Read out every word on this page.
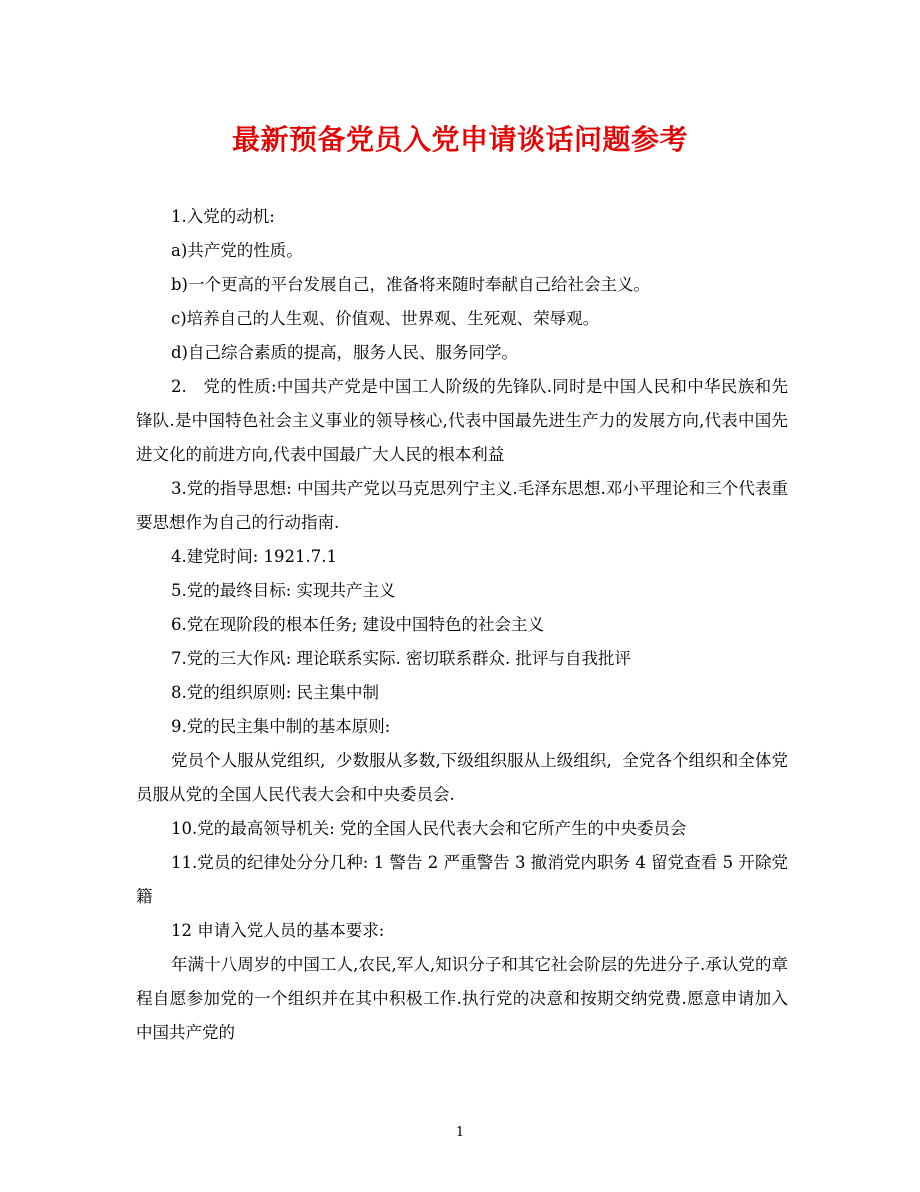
最新预备党员入党申请谈话问题参考

1.入党的动机:

a)共产党的性质。

b)一个更高的平台发展自己，准备将来随时奉献自己给社会主义。

c)培养自己的人生观、价值观、世界观、生死观、荣辱观。

d)自己综合素质的提高，服务人民、服务同学。

2.   党的性质:中国共产党是中国工人阶级的先锋队.同时是中国人民和中华民族和先锋队.是中国特色社会主义事业的领导核心,代表中国最先进生产力的发展方向,代表中国先进文化的前进方向,代表中国最广大人民的根本利益

3.党的指导思想: 中国共产党以马克思列宁主义.毛泽东思想.邓小平理论和三个代表重要思想作为自己的行动指南.

4.建党时间: 1921.7.1

5.党的最终目标: 实现共产主义

6.党在现阶段的根本任务; 建设中国特色的社会主义

7.党的三大作风: 理论联系实际. 密切联系群众. 批评与自我批评

8.党的组织原则: 民主集中制

9.党的民主集中制的基本原则:

党员个人服从党组织,  少数服从多数,下级组织服从上级组织,  全党各个组织和全体党员服从党的全国人民代表大会和中央委员会.

10.党的最高领导机关: 党的全国人民代表大会和它所产生的中央委员会

11.党员的纪律处分分几种: 1 警告 2 严重警告 3 撤消党内职务 4 留党查看 5 开除党籍

12 申请入党人员的基本要求:

年满十八周岁的中国工人,农民,军人,知识分子和其它社会阶层的先进分子.承认党的章程自愿参加党的一个组织并在其中积极工作.执行党的决意和按期交纳党费.愿意申请加入中国共产党的

1
